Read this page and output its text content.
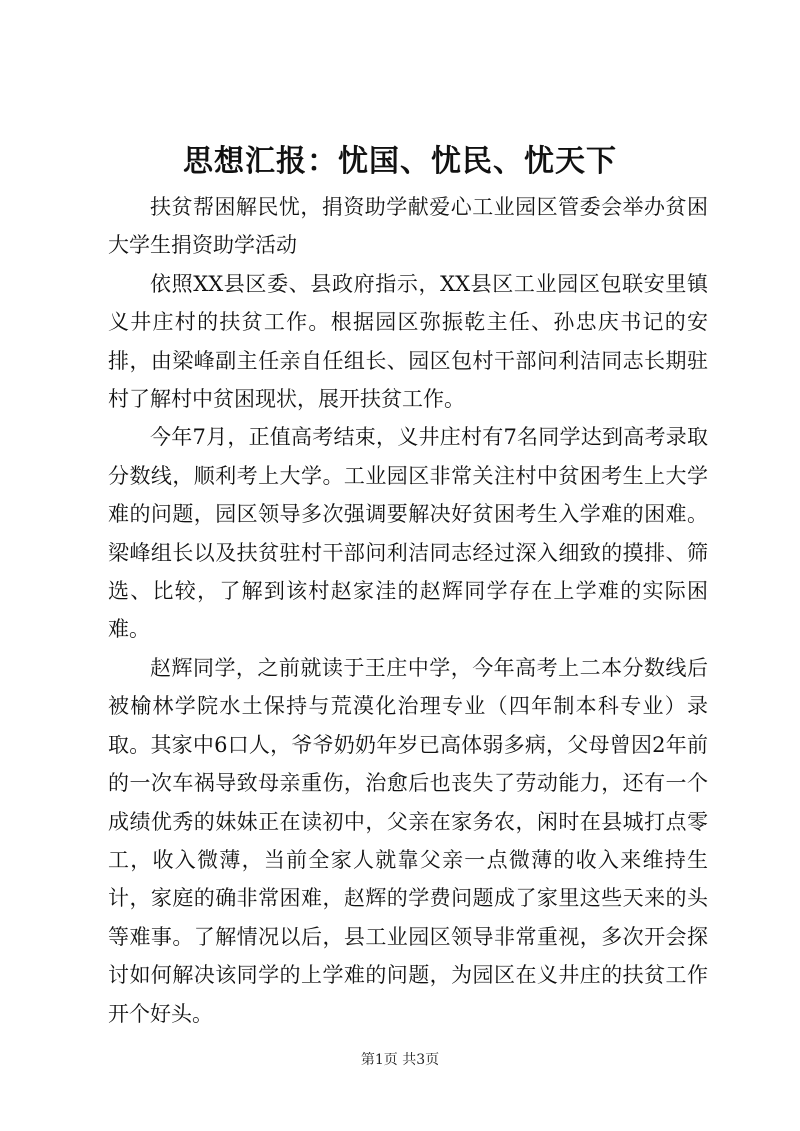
思想汇报：忧国、忧民、忧天下

扶贫帮困解民忧，捐资助学献爱心工业园区管委会举办贫困大学生捐资助学活动

依照XX县区委、县政府指示，XX县区工业园区包联安里镇义井庄村的扶贫工作。根据园区弥振乾主任、孙忠庆书记的安排，由梁峰副主任亲自任组长、园区包村干部问利洁同志长期驻村了解村中贫困现状，展开扶贫工作。

今年7月，正值高考结束，义井庄村有7名同学达到高考录取分数线，顺利考上大学。工业园区非常关注村中贫困考生上大学难的问题，园区领导多次强调要解决好贫困考生入学难的困难。梁峰组长以及扶贫驻村干部问利洁同志经过深入细致的摸排、筛选、比较，了解到该村赵家洼的赵辉同学存在上学难的实际困难。

赵辉同学，之前就读于王庄中学，今年高考上二本分数线后被榆林学院水土保持与荒漠化治理专业（四年制本科专业）录取。其家中6口人，爷爷奶奶年岁已高体弱多病，父母曾因2年前的一次车祸导致母亲重伤，治愈后也丧失了劳动能力，还有一个成绩优秀的妹妹正在读初中，父亲在家务农，闲时在县城打点零工，收入微薄，当前全家人就靠父亲一点微薄的收入来维持生计，家庭的确非常困难，赵辉的学费问题成了家里这些天来的头等难事。了解情况以后，县工业园区领导非常重视，多次开会探讨如何解决该同学的上学难的问题，为园区在义井庄的扶贫工作开个好头。

第1页 共3页
